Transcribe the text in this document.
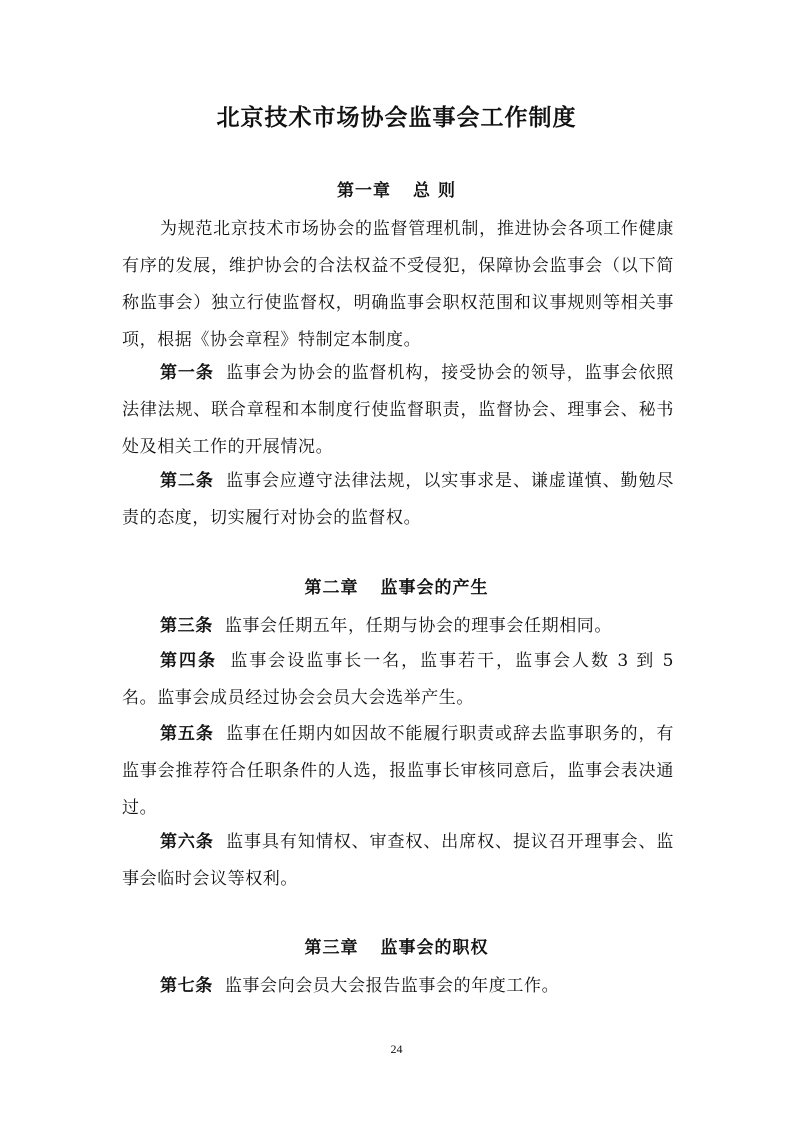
北京技术市场协会监事会工作制度
第一章 总 则
为规范北京技术市场协会的监督管理机制，推进协会各项工作健康有序的发展，维护协会的合法权益不受侵犯，保障协会监事会（以下简称监事会）独立行使监督权，明确监事会职权范围和议事规则等相关事项，根据《协会章程》特制定本制度。
第一条 监事会为协会的监督机构，接受协会的领导，监事会依照法律法规、联合章程和本制度行使监督职责，监督协会、理事会、秘书处及相关工作的开展情况。
第二条 监事会应遵守法律法规，以实事求是、谦虚谨慎、勤勉尽责的态度，切实履行对协会的监督权。
第二章 监事会的产生
第三条 监事会任期五年，任期与协会的理事会任期相同。
第四条 监事会设监事长一名，监事若干，监事会人数 3 到 5 名。监事会成员经过协会会员大会选举产生。
第五条 监事在任期内如因故不能履行职责或辞去监事职务的，有监事会推荐符合任职条件的人选，报监事长审核同意后，监事会表决通过。
第六条 监事具有知情权、审查权、出席权、提议召开理事会、监事会临时会议等权利。
第三章 监事会的职权
第七条 监事会向会员大会报告监事会的年度工作。
24
